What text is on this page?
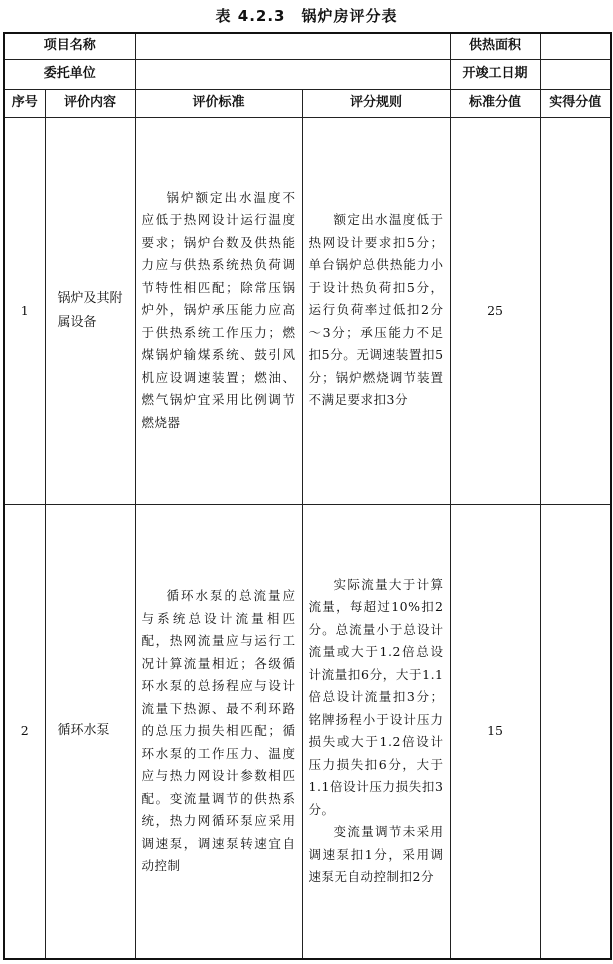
表 4.2.3　锅炉房评分表
项目名称				供热面积	
委托单位				开竣工日期	
序号	评价内容	评价标准	评分规则	标准分值	实得分值
1	锅炉及其附属设备	锅炉额定出水温度不应低于热网设计运行温度要求；锅炉台数及供热能力应与供热系统热负荷调节特性相匹配；除常压锅炉外，锅炉承压能力应高于供热系统工作压力；燃煤锅炉输煤系统、鼓引风机应设调速装置；燃油、燃气锅炉宜采用比例调节燃烧器	额定出水温度低于热网设计要求扣5分；单台锅炉总供热能力小于设计热负荷扣5分，运行负荷率过低扣2分～3分；承压能力不足扣5分。无调速装置扣5分；锅炉燃烧调节装置不满足要求扣3分	25	
2	循环水泵	循环水泵的总流量应与系统总设计流量相匹配，热网流量应与运行工况计算流量相近；各级循环水泵的总扬程应与设计流量下热源、最不利环路的总压力损失相匹配；循环水泵的工作压力、温度应与热力网设计参数相匹配。变流量调节的供热系统，热力网循环泵应采用调速泵，调速泵转速宜自动控制	实际流量大于计算流量，每超过10%扣2分。总流量小于总设计流量或大于1.2倍总设计流量扣6分，大于1.1倍总设计流量扣3分；铭牌扬程小于设计压力损失或大于1.2倍设计压力损失扣6分，大于1.1倍设计压力损失扣3分。

变流量调节未采用调速泵扣1分，采用调速泵无自动控制扣2分	15	
